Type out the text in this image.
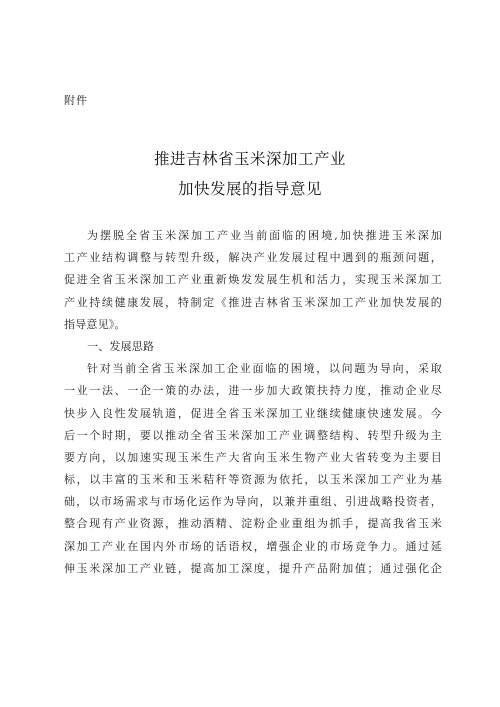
附件
推进吉林省玉米深加工产业
加快发展的指导意见
为摆脱全省玉米深加工产业当前面临的困境,加快推进玉米深加
工产业结构调整与转型升级，解决产业发展过程中遇到的瓶颈问题，
促进全省玉米深加工产业重新焕发发展生机和活力，实现玉米深加工
产业持续健康发展，特制定《推进吉林省玉米深加工产业加快发展的
指导意见》。
一、发展思路
针对当前全省玉米深加工企业面临的困境，以问题为导向，采取
一业一法、一企一策的办法，进一步加大政策扶持力度，推动企业尽
快步入良性发展轨道，促进全省玉米深加工业继续健康快速发展。今
后一个时期，要以推动全省玉米深加工产业调整结构、转型升级为主
要方向，以加速实现玉米生产大省向玉米生物产业大省转变为主要目
标，以丰富的玉米和玉米秸秆等资源为依托，以玉米深加工产业为基
础，以市场需求与市场化运作为导向，以兼并重组、引进战略投资者，
整合现有产业资源，推动酒精、淀粉企业重组为抓手，提高我省玉米
深加工产业在国内外市场的话语权，增强企业的市场竞争力。通过延
伸玉米深加工产业链，提高加工深度，提升产品附加值；通过强化企
